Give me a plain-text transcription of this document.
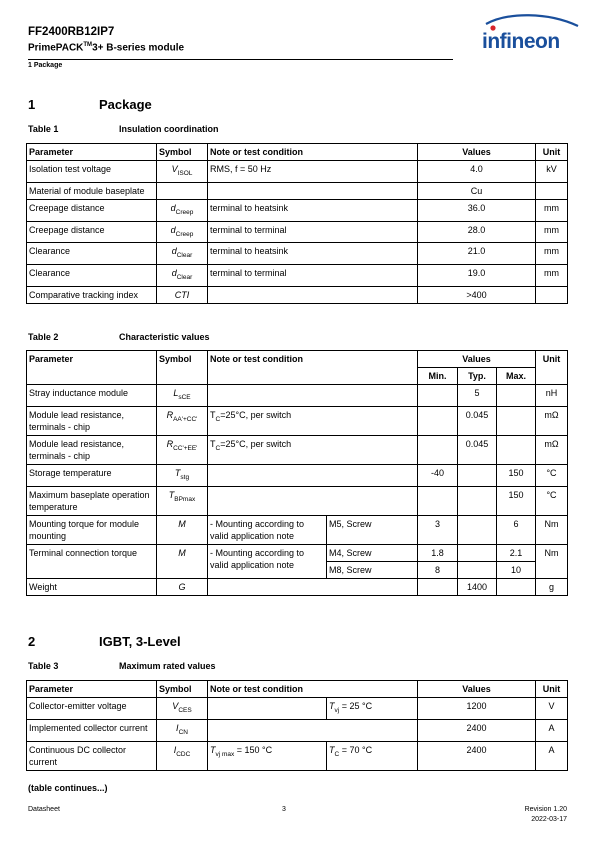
FF2400RB12IP7
PrimePACK™3+ B-series module
1 Package
infineon
1	Package
Table 1	Insulation coordination
Parameter	Symbol	Note or test condition	Values	Unit
Isolation test voltage	$V_{ISOL}$	RMS, f = 50 Hz	4.0	kV
Material of module baseplate			Cu	
Creepage distance	$d_{Creep}$	terminal to heatsink	36.0	mm
Creepage distance	$d_{Creep}$	terminal to terminal	28.0	mm
Clearance	$d_{Clear}$	terminal to heatsink	21.0	mm
Clearance	$d_{Clear}$	terminal to terminal	19.0	mm
Comparative tracking index	CTI		>400	
Table 2	Characteristic values
Parameter	Symbol	Note or test condition		Values			Unit
				Min.	Typ.	Max.	
Stray inductance module	$L_{sCE}$				5		nH
Module lead resistance, terminals - chip	$R_{AA'+CC'}$	$T_C=25^\circ C$, per switch			0.045		mΩ
Module lead resistance, terminals - chip	$R_{CC'+EE'}$	$T_C=25^\circ C$, per switch			0.045		mΩ
Storage temperature	$T_{stg}$			-40		150	°C
Maximum baseplate operation temperature	$T_{BPmax}$					150	°C
Mounting torque for module mounting	M	- Mounting according to valid application note	M5, Screw	3		6	Nm
Terminal connection torque	M	- Mounting according to valid application note	M4, Screw	1.8		2.1	Nm
			M8, Screw	8		10	
Weight	G				1400		g
2	IGBT, 3-Level
Table 3	Maximum rated values
Parameter	Symbol	Note or test condition		Values	Unit
Collector-emitter voltage	$V_{CES}$		$T_{vj} = 25$ °C	1200	V
Implemented collector current	$I_{CN}$			2400	A
Continuous DC collector current	$I_{CDC}$	$T_{vj max} = 150$ °C	$T_C = 70$ °C	2400	A
(table continues...)
Datasheet	3	Revision 1.20
2022-03-17
